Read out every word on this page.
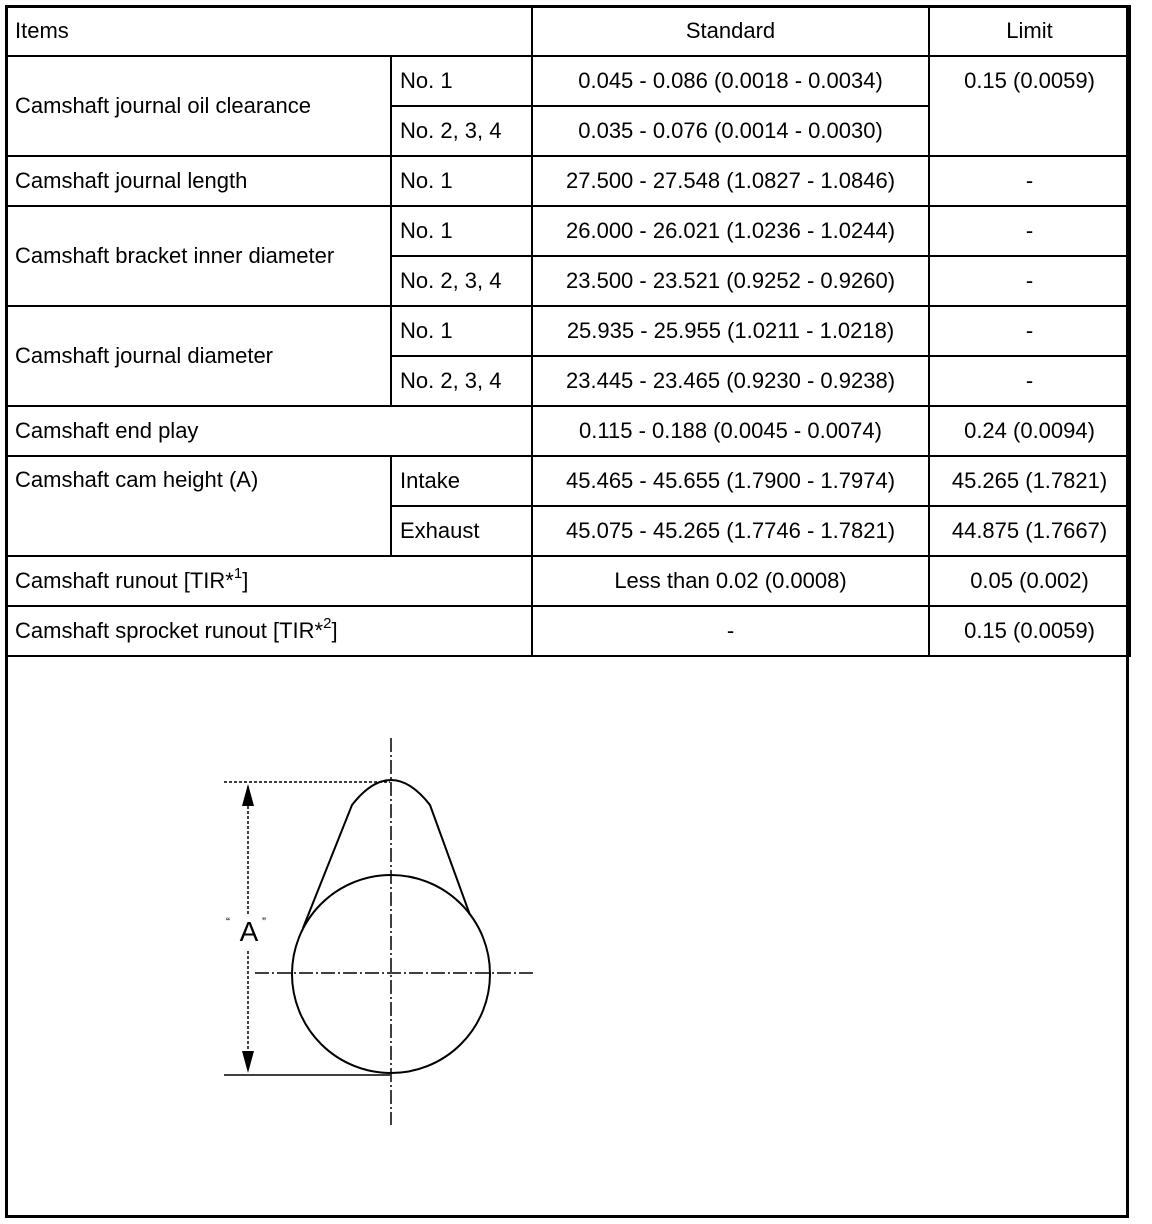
Items		Standard	Limit
Camshaft journal oil clearance	No. 1	0.045 - 0.086 (0.0018 - 0.0034)	0.15 (0.0059)
	No. 2, 3, 4	0.035 - 0.076 (0.0014 - 0.0030)	
Camshaft journal length	No. 1	27.500 - 27.548 (1.0827 - 1.0846)	-
Camshaft bracket inner diameter	No. 1	26.000 - 26.021 (1.0236 - 1.0244)	-
	No. 2, 3, 4	23.500 - 23.521 (0.9252 - 0.9260)	-
Camshaft journal diameter	No. 1	25.935 - 25.955 (1.0211 - 1.0218)	-
	No. 2, 3, 4	23.445 - 23.465 (0.9230 - 0.9238)	-
Camshaft end play		0.115 - 0.188 (0.0045 - 0.0074)	0.24 (0.0094)
Camshaft cam height (A)	Intake	45.465 - 45.655 (1.7900 - 1.7974)	45.265 (1.7821)
	Exhaust	45.075 - 45.265 (1.7746 - 1.7821)	44.875 (1.7667)
Camshaft runout [TIR*$^1$]		Less than 0.02 (0.0008)	0.05 (0.002)
Camshaft sprocket runout [TIR*$^2$]		-	0.15 (0.0059)
“ A ”
